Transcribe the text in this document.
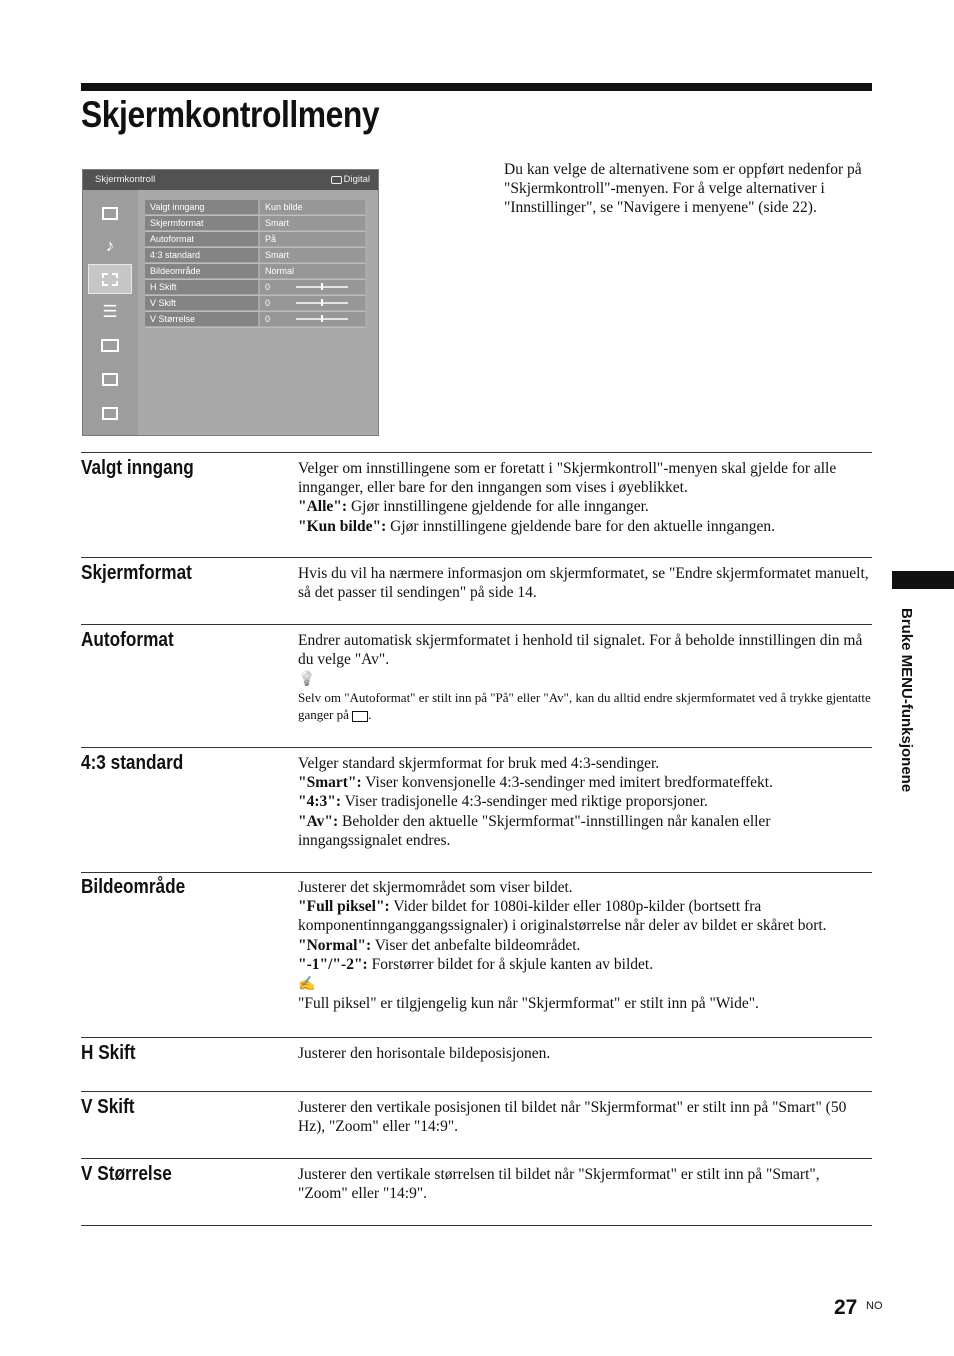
Skjermkontrollmeny

Du kan velge de alternativene som er oppført nedenfor på "Skjermkontroll"-menyen. For å velge alternativer i "Innstillinger", se "Navigere i menyene" (side 22).

Skjermkontroll	Digital
♪
☰
Valgt inngang	Kun bilde
Skjermformat	Smart
Autoformat	På
4:3 standard	Smart
Bildeområde	Normal
H Skift	0
V Skift	0
V Størrelse	0
Valgt inngang	Velger om innstillingene som er foretatt i "Skjermkontroll"-menyen skal gjelde for alle innganger, eller bare for den inngangen som vises i øyeblikket.

"Alle": Gjør innstillingene gjeldende for alle innganger.

"Kun bilde": Gjør innstillingene gjeldende bare for den aktuelle inngangen.

Skjermformat	Hvis du vil ha nærmere informasjon om skjermformatet, se "Endre skjermformatet manuelt, så det passer til sendingen" på side 14.

Autoformat	Endrer automatisk skjermformatet i henhold til signalet. For å beholde innstillingen din må du velge "Av".

💡

Selv om "Autoformat" er stilt inn på "På" eller "Av", kan du alltid endre skjermformatet ved å trykke gjentatte ganger på .

4:3 standard	Velger standard skjermformat for bruk med 4:3-sendinger.

"Smart": Viser konvensjonelle 4:3-sendinger med imitert bredformateffekt.

"4:3": Viser tradisjonelle 4:3-sendinger med riktige proporsjoner.

"Av": Beholder den aktuelle "Skjermformat"-innstillingen når kanalen eller inngangssignalet endres.

Bildeområde	Justerer det skjermområdet som viser bildet.

"Full piksel": Vider bildet for 1080i-kilder eller 1080p-kilder (bortsett fra komponentinnganggangssignaler) i originalstørrelse når deler av bildet er skåret bort.

"Normal": Viser det anbefalte bildeområdet.

"-1"/"-2": Forstørrer bildet for å skjule kanten av bildet.

✍

"Full piksel" er tilgjengelig kun når "Skjermformat" er stilt inn på "Wide".

H Skift	Justerer den horisontale bildeposisjonen.

V Skift	Justerer den vertikale posisjonen til bildet når "Skjermformat" er stilt inn på "Smart" (50 Hz), "Zoom" eller "14:9".

V Størrelse	Justerer den vertikale størrelsen til bildet når "Skjermformat" er stilt inn på "Smart", "Zoom" eller "14:9".

Bruke MENU-funksjonene
27 NO
